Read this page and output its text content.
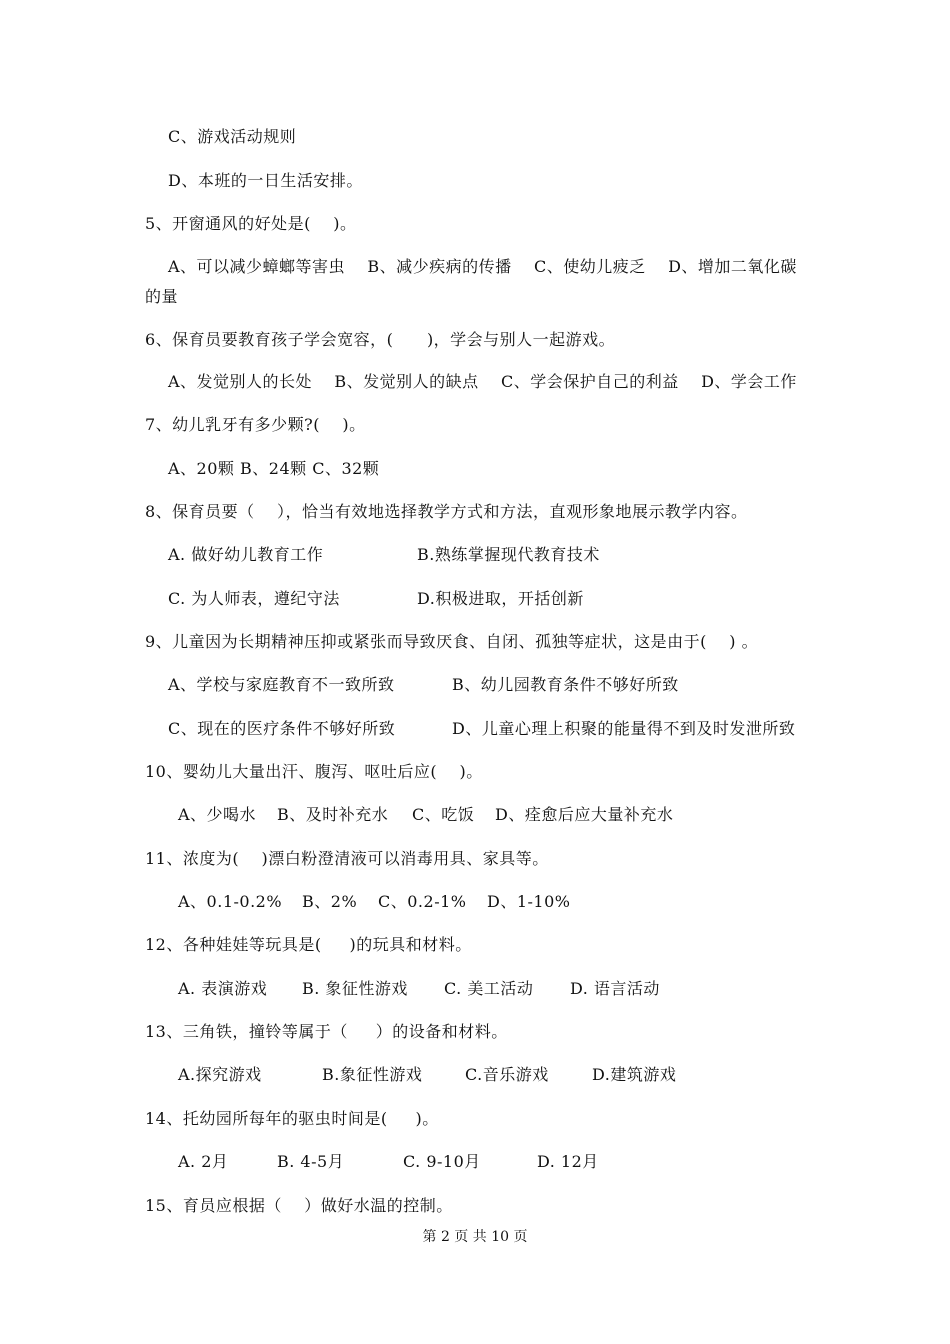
C、游戏活动规则
D、本班的一日生活安排。
5、开窗通风的好处是(    )。
A、可以减少蟑螂等害虫    B、减少疾病的传播    C、使幼儿疲乏    D、增加二氧化碳
的量
6、保育员要教育孩子学会宽容，(      )，学会与别人一起游戏。
A、发觉别人的长处    B、发觉别人的缺点    C、学会保护自己的利益    D、学会工作
7、幼儿乳牙有多少颗?(    )。
A、20颗 B、24颗 C、32颗
8、保育员要（    ），恰当有效地选择教学方式和方法，直观形象地展示教学内容。
A. 做好幼儿教育工作	B.熟练掌握现代教育技术
C. 为人师表，遵纪守法	D.积极进取，开括创新
9、儿童因为长期精神压抑或紧张而导致厌食、自闭、孤独等症状，这是由于(    ) 。
A、学校与家庭教育不一致所致	B、幼儿园教育条件不够好所致
C、现在的医疗条件不够好所致	D、儿童心理上积聚的能量得不到及时发泄所致
10、婴幼儿大量出汗、腹泻、呕吐后应(    )。
A、少喝水 B、及时补充水 C、吃饭 D、痊愈后应大量补充水
11、浓度为(    )漂白粉澄清液可以消毒用具、家具等。
A、0.1-0.2% B、2% C、0.2-1% D、1-10%
12、各种娃娃等玩具是(     )的玩具和材料。
A. 表演游戏 B. 象征性游戏 C. 美工活动 D. 语言活动
13、三角铁，撞铃等属于（     ）的设备和材料。
A.探究游戏	B.象征性游戏	C.音乐游戏	D.建筑游戏
14、托幼园所每年的驱虫时间是(     )。
A. 2月	B. 4-5月	C. 9-10月	D. 12月
15、育员应根据（    ）做好水温的控制。
第 2 页 共 10 页
